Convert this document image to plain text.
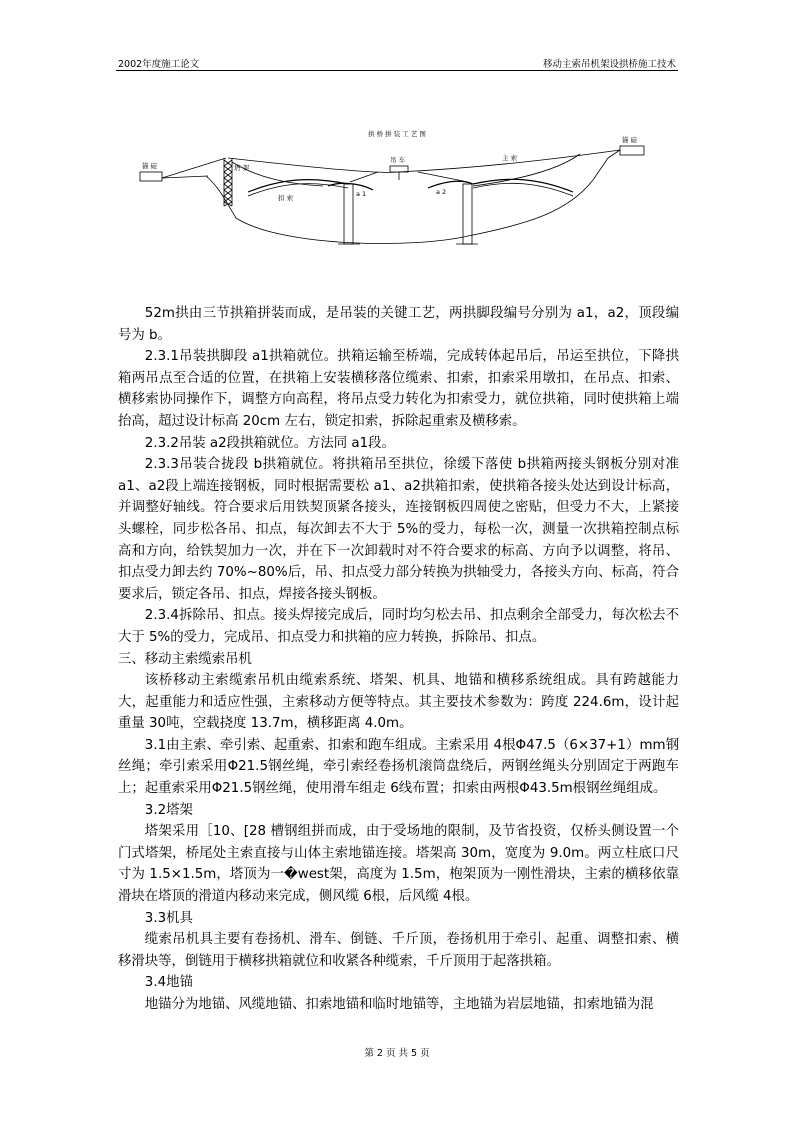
2002年度施工论文	移动主索吊机架设拱桥施工技术
拱 桥 拼 装 工 艺 图
锚 碇
锚 碇
主 索
吊 车
塔 架
扣 索	a 1	a 2

52m拱由三节拱箱拼装而成，是吊装的关键工艺，两拱脚段编号分别为 a1，a2，顶段编号为 b。

2.3.1吊装拱脚段 a1拱箱就位。拱箱运输至桥端，完成转体起吊后，吊运至拱位，下降拱箱两吊点至合适的位置，在拱箱上安装横移落位缆索、扣索，扣索采用墩扣，在吊点、扣索、横移索协同操作下，调整方向高程，将吊点受力转化为扣索受力，就位拱箱，同时使拱箱上端抬高，超过设计标高 20cm 左右，锁定扣索，拆除起重索及横移索。

2.3.2吊装 a2段拱箱就位。方法同 a1段。

2.3.3吊装合拢段 b拱箱就位。将拱箱吊至拱位，徐缓下落使 b拱箱两接头钢板分别对准 a1、a2段上端连接钢板，同时根据需要松 a1、a2拱箱扣索，使拱箱各接头处达到设计标高，并调整好轴线。符合要求后用铁契顶紧各接头，连接钢板四周使之密贴，但受力不大，上紧接头螺栓，同步松各吊、扣点，每次卸去不大于 5%的受力，每松一次，测量一次拱箱控制点标高和方向，给铁契加力一次，并在下一次卸载时对不符合要求的标高、方向予以调整，将吊、扣点受力卸去约 70%~80%后，吊、扣点受力部分转换为拱轴受力，各接头方向、标高，符合要求后，锁定各吊、扣点，焊接各接头钢板。

2.3.4拆除吊、扣点。接头焊接完成后，同时均匀松去吊、扣点剩余全部受力，每次松去不大于 5%的受力，完成吊、扣点受力和拱箱的应力转换，拆除吊、扣点。

三、移动主索缆索吊机

该桥移动主索缆索吊机由缆索系统、塔架、机具、地锚和横移系统组成。具有跨越能力大，起重能力和适应性强，主索移动方便等特点。其主要技术参数为：跨度 224.6m，设计起重量 30吨，空载挠度 13.7m，横移距离 4.0m。

3.1由主索、牵引索、起重索、扣索和跑车组成。主索采用 4根Φ47.5（6×37+1）mm钢丝绳；牵引索采用Φ21.5钢丝绳，牵引索经卷扬机滚筒盘绕后，两钢丝绳头分别固定于两跑车上；起重索采用Φ21.5钢丝绳，使用滑车组走 6线布置；扣索由两根Φ43.5m根钢丝绳组成。

3.2塔架

塔架采用［10、[28 槽钢组拼而成，由于受场地的限制，及节省投资，仅桥头侧设置一个门式塔架，桥尾处主索直接与山体主索地锚连接。塔架高 30m，宽度为 9.0m。两立柱底口尺寸为 1.5×1.5m，塔顶为一�west架，高度为 1.5m，枹架顶为一刚性滑块，主索的横移依靠滑块在塔顶的滑道内移动来完成，侧风缆 6根，后风缆 4根。

3.3机具

缆索吊机具主要有卷扬机、滑车、倒链、千斤顶，卷扬机用于牵引、起重、调整扣索、横移滑块等，倒链用于横移拱箱就位和收紧各种缆索，千斤顶用于起落拱箱。

3.4地锚

地锚分为地锚、风缆地锚、扣索地锚和临时地锚等，主地锚为岩层地锚，扣索地锚为混

第 2 页 共 5 页
